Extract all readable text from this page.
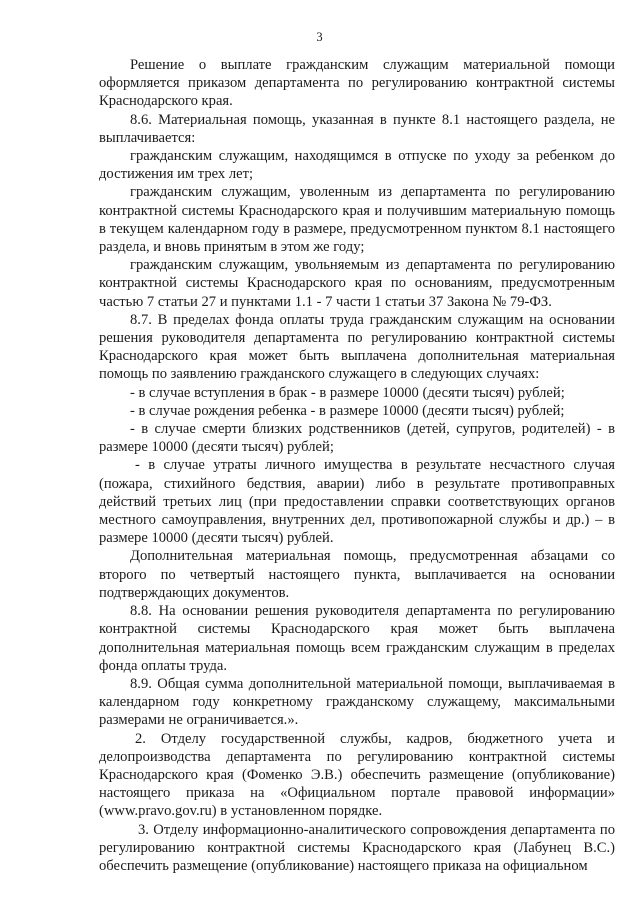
3

Решение о выплате гражданским служащим материальной помощи оформляется приказом департамента по регулированию контрактной системы Краснодарского края.

8.6. Материальная помощь, указанная в пункте 8.1 настоящего раздела, не выплачивается:

гражданским служащим, находящимся в отпуске по уходу за ребенком до достижения им трех лет;

гражданским служащим, уволенным из департамента по регулированию контрактной системы Краснодарского края и получившим материальную помощь в текущем календарном году в размере, предусмотренном пунктом 8.1 настоящего раздела, и вновь принятым в этом же году;

гражданским служащим, увольняемым из департамента по регулированию контрактной системы Краснодарского края по основаниям, предусмотренным частью 7 статьи 27 и пунктами 1.1 - 7 части 1 статьи 37 Закона № 79-ФЗ.

8.7. В пределах фонда оплаты труда гражданским служащим на основании решения руководителя департамента по регулированию контрактной системы Краснодарского края может быть выплачена дополнительная материальная помощь по заявлению гражданского служащего в следующих случаях:

- в случае вступления в брак - в размере 10000 (десяти тысяч) рублей;

- в случае рождения ребенка - в размере 10000 (десяти тысяч) рублей;

- в случае смерти близких родственников (детей, супругов, родителей) - в размере 10000 (десяти тысяч) рублей;

- в случае утраты личного имущества в результате несчастного случая (пожара, стихийного бедствия, аварии) либо в результате противоправных действий третьих лиц (при предоставлении справки соответствующих органов местного самоуправления, внутренних дел, противопожарной службы и др.) – в размере 10000 (десяти тысяч) рублей.

Дополнительная материальная помощь, предусмотренная абзацами со второго по четвертый настоящего пункта, выплачивается на основании подтверждающих документов.

8.8. На основании решения руководителя департамента по регулированию контрактной системы Краснодарского края может быть выплачена дополнительная материальная помощь всем гражданским служащим в пределах фонда оплаты труда.

8.9. Общая сумма дополнительной материальной помощи, выплачиваемая в календарном году конкретному гражданскому служащему, максимальными размерами не ограничивается.».

2. Отделу государственной службы, кадров, бюджетного учета и делопроизводства департамента по регулированию контрактной системы Краснодарского края (Фоменко Э.В.) обеспечить размещение (опубликование) настоящего приказа на «Официальном портале правовой информации» (www.pravo.gov.ru) в установленном порядке.

3. Отделу информационно-аналитического сопровождения департамента по регулированию контрактной системы Краснодарского края (Лабунец В.С.) обеспечить размещение (опубликование) настоящего приказа на официальном
